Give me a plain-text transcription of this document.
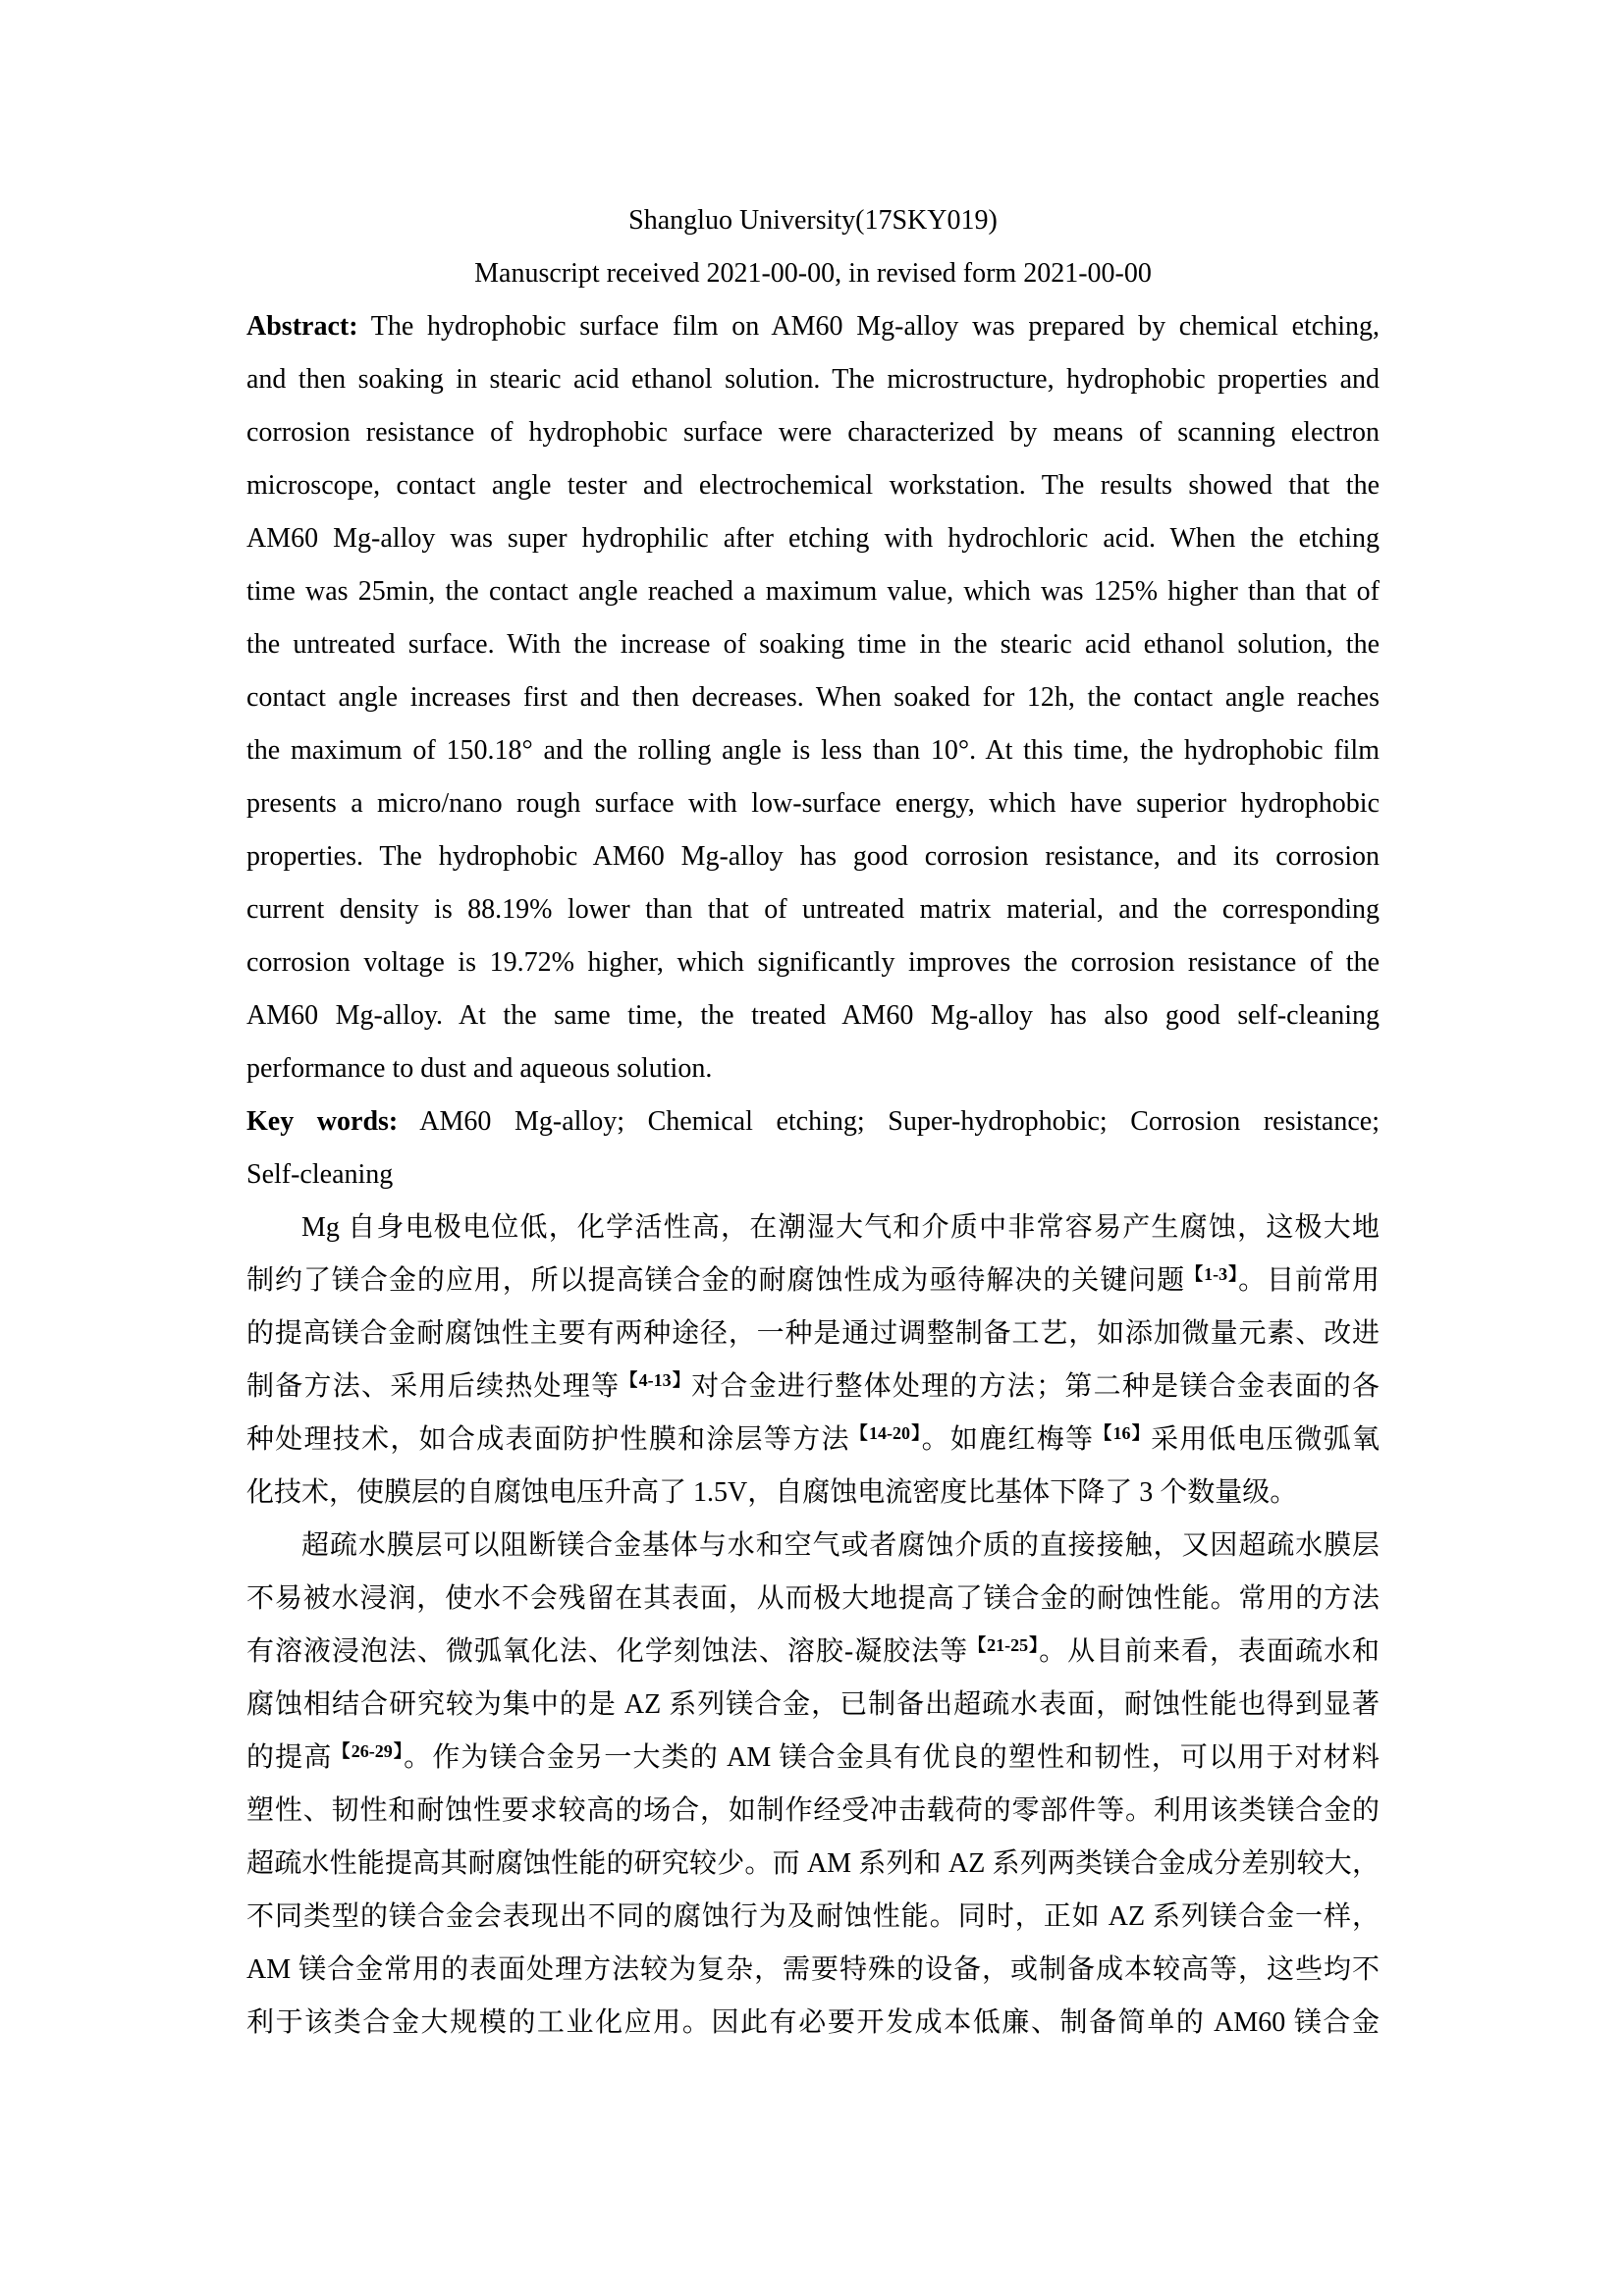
Shangluo University(17SKY019)
Manuscript received 2021-00-00, in revised form 2021-00-00
Abstract: The hydrophobic surface film on AM60 Mg-alloy was prepared by chemical etching,
and then soaking in stearic acid ethanol solution. The microstructure, hydrophobic properties and
corrosion resistance of hydrophobic surface were characterized by means of scanning electron
microscope, contact angle tester and electrochemical workstation. The results showed that the
AM60 Mg-alloy was super hydrophilic after etching with hydrochloric acid. When the etching
time was 25min, the contact angle reached a maximum value, which was 125% higher than that of
the untreated surface. With the increase of soaking time in the stearic acid ethanol solution, the
contact angle increases first and then decreases. When soaked for 12h, the contact angle reaches
the maximum of 150.18° and the rolling angle is less than 10°. At this time, the hydrophobic film
presents a micro/nano rough surface with low-surface energy, which have superior hydrophobic
properties. The hydrophobic AM60 Mg-alloy has good corrosion resistance, and its corrosion
current density is 88.19% lower than that of untreated matrix material, and the corresponding
corrosion voltage is 19.72% higher, which significantly improves the corrosion resistance of the
AM60 Mg-alloy. At the same time, the treated AM60 Mg-alloy has also good self-cleaning
performance to dust and aqueous solution.
Key words: AM60 Mg-alloy; Chemical etching; Super-hydrophobic; Corrosion resistance;
Self-cleaning
Mg 自身电极电位低，化学活性高，在潮湿大气和介质中非常容易产生腐蚀，这极大地
制约了镁合金的应用，所以提高镁合金的耐腐蚀性成为亟待解决的关键问题$^{【1-3】}$。目前常用
的提高镁合金耐腐蚀性主要有两种途径，一种是通过调整制备工艺，如添加微量元素、改进
制备方法、采用后续热处理等$^{【4-13】}$对合金进行整体处理的方法；第二种是镁合金表面的各
种处理技术，如合成表面防护性膜和涂层等方法$^{【14-20】}$。如鹿红梅等$^{【16】}$采用低电压微弧氧
化技术，使膜层的自腐蚀电压升高了 1.5V，自腐蚀电流密度比基体下降了 3 个数量级。
超疏水膜层可以阻断镁合金基体与水和空气或者腐蚀介质的直接接触，又因超疏水膜层
不易被水浸润，使水不会残留在其表面，从而极大地提高了镁合金的耐蚀性能。常用的方法
有溶液浸泡法、微弧氧化法、化学刻蚀法、溶胶-凝胶法等$^{【21-25】}$。从目前来看，表面疏水和
腐蚀相结合研究较为集中的是 AZ 系列镁合金，已制备出超疏水表面，耐蚀性能也得到显著
的提高$^{【26-29】}$。作为镁合金另一大类的 AM 镁合金具有优良的塑性和韧性，可以用于对材料
塑性、韧性和耐蚀性要求较高的场合，如制作经受冲击载荷的零部件等。利用该类镁合金的
超疏水性能提高其耐腐蚀性能的研究较少。而 AM 系列和 AZ 系列两类镁合金成分差别较大，
不同类型的镁合金会表现出不同的腐蚀行为及耐蚀性能。同时，正如 AZ 系列镁合金一样，
AM 镁合金常用的表面处理方法较为复杂，需要特殊的设备，或制备成本较高等，这些均不
利于该类合金大规模的工业化应用。因此有必要开发成本低廉、制备简单的 AM60 镁合金
